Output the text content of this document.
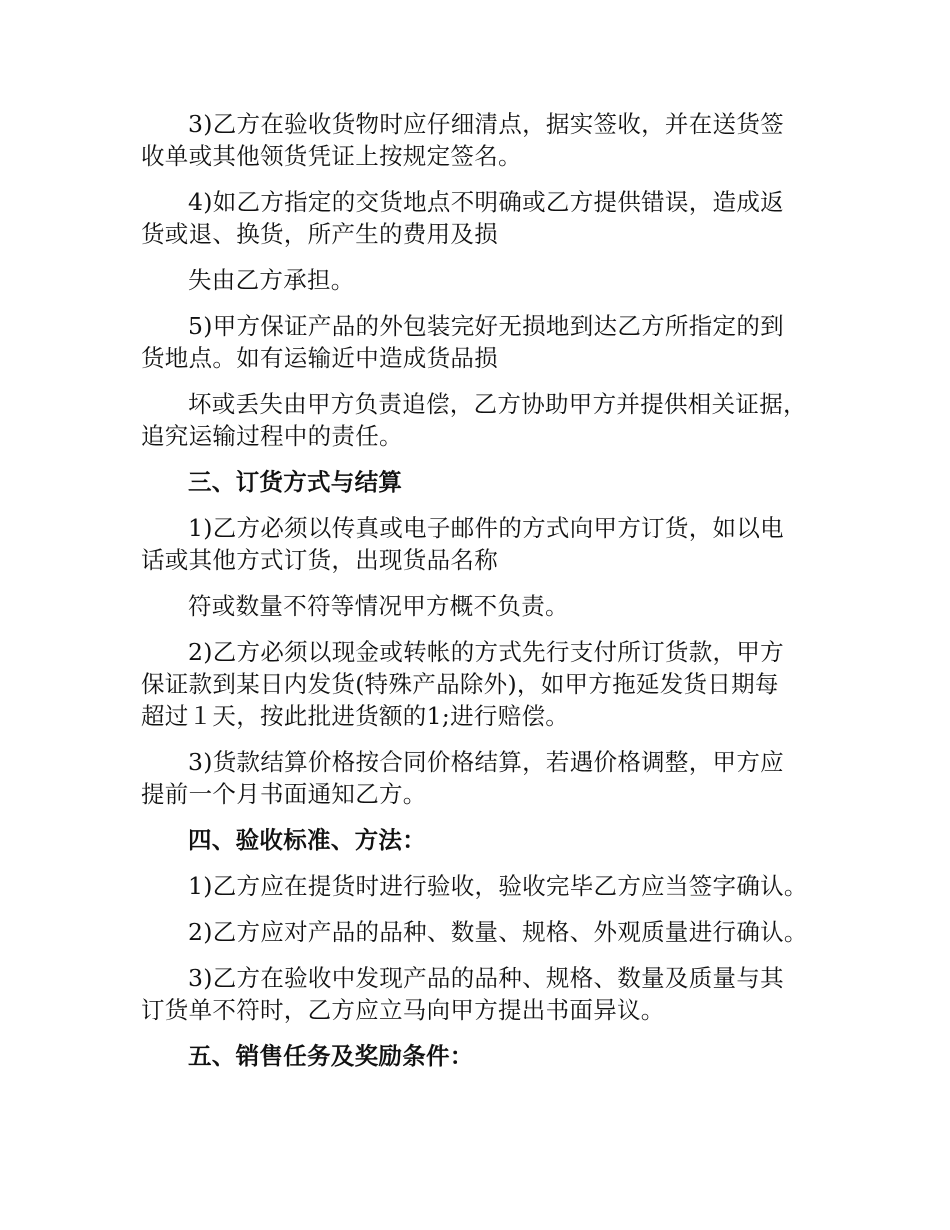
3)乙方在验收货物时应仔细清点，据实签收，并在送货签
收单或其他领货凭证上按规定签名。

4)如乙方指定的交货地点不明确或乙方提供错误，造成返
货或退、换货，所产生的费用及损

失由乙方承担。

5)甲方保证产品的外包装完好无损地到达乙方所指定的到
货地点。如有运输近中造成货品损

坏或丢失由甲方负责追偿，乙方协助甲方并提供相关证据，
追究运输过程中的责任。

三、订货方式与结算

1)乙方必须以传真或电子邮件的方式向甲方订货，如以电
话或其他方式订货，出现货品名称

符或数量不符等情况甲方概不负责。

2)乙方必须以现金或转帐的方式先行支付所订货款，甲方
保证款到某日内发货(特殊产品除外)，如甲方拖延发货日期每
超过１天，按此批进货额的1;进行赔偿。

3)货款结算价格按合同价格结算，若遇价格调整，甲方应
提前一个月书面通知乙方。

四、验收标准、方法：

1)乙方应在提货时进行验收，验收完毕乙方应当签字确认。

2)乙方应对产品的品种、数量、规格、外观质量进行确认。

3)乙方在验收中发现产品的品种、规格、数量及质量与其
订货单不符时，乙方应立马向甲方提出书面异议。

五、销售任务及奖励条件：
